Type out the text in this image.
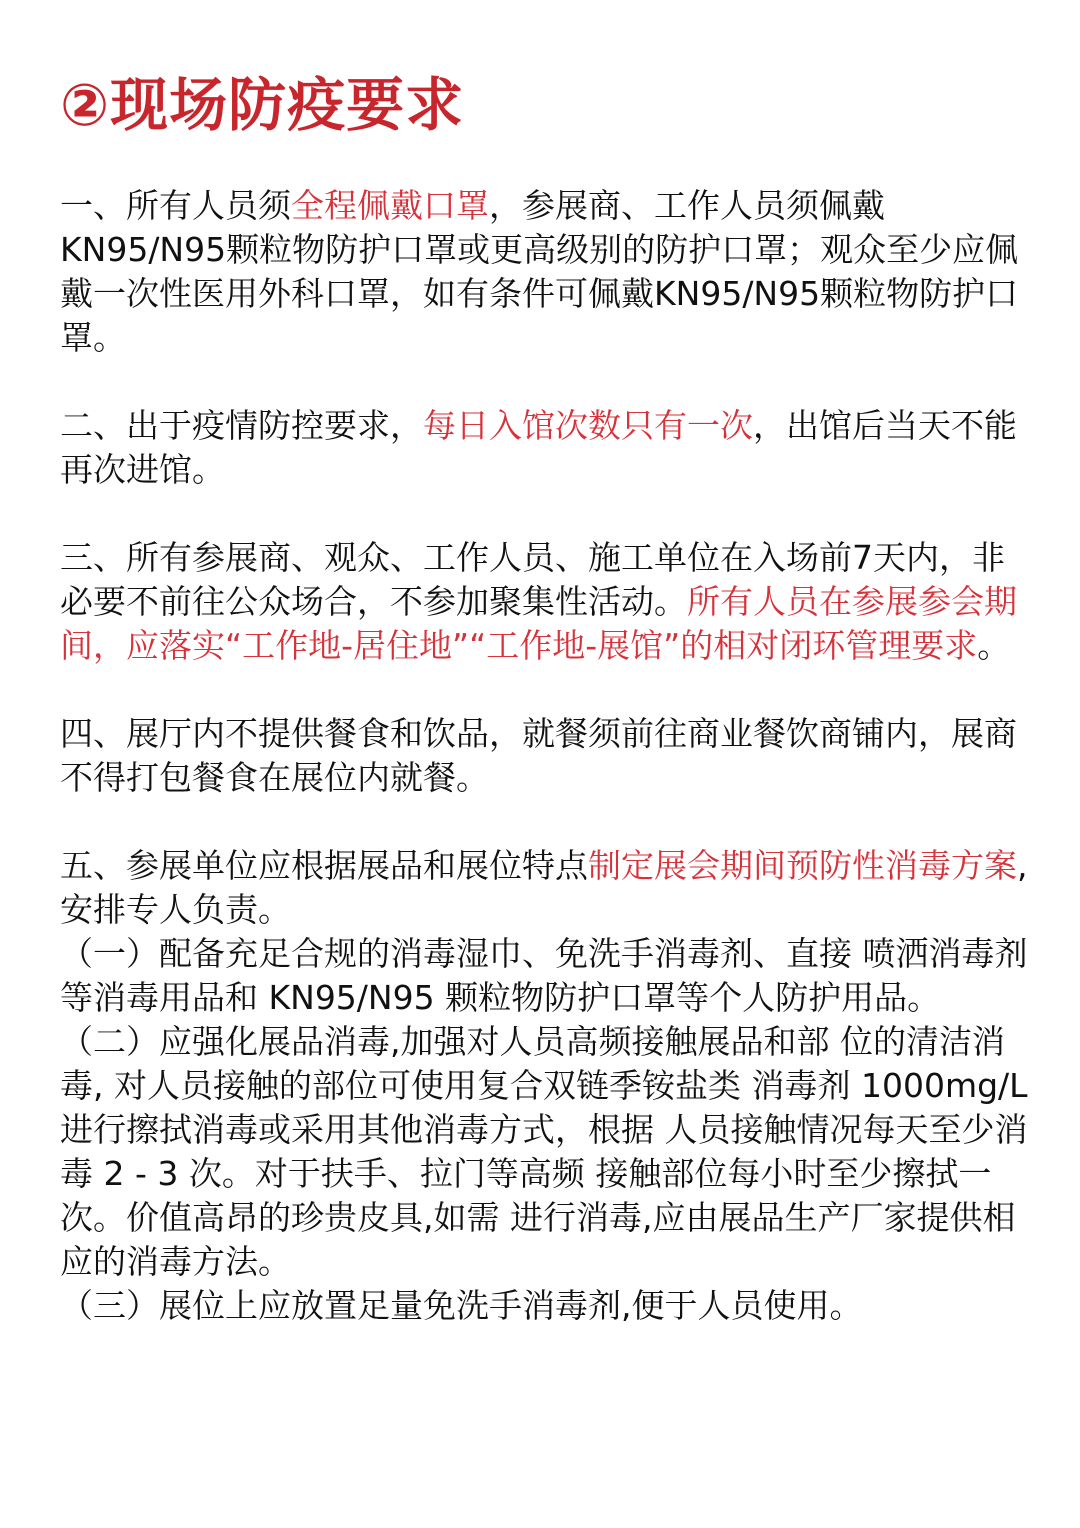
②现场防疫要求

一、所有人员须全程佩戴口罩，参展商、工作人员须佩戴KN95/N95颗粒物防护口罩或更高级别的防护口罩；观众至少应佩戴一次性医用外科口罩，如有条件可佩戴KN95/N95颗粒物防护口罩。

二、出于疫情防控要求，每日入馆次数只有一次，出馆后当天不能再次进馆。

三、所有参展商、观众、工作人员、施工单位在入场前7天内，非必要不前往公众场合，不参加聚集性活动。所有人员在参展参会期间，应落实“工作地-居住地”“工作地-展馆”的相对闭环管理要求。

四、展厅内不提供餐食和饮品，就餐须前往商业餐饮商铺内，展商不得打包餐食在展位内就餐。

五、参展单位应根据展品和展位特点制定展会期间预防性消毒方案,安排专人负责。

（一）配备充足合规的消毒湿巾、免洗手消毒剂、直接 喷洒消毒剂等消毒用品和 KN95/N95 颗粒物防护口罩等个人防护用品。

（二）应强化展品消毒,加强对人员高频接触展品和部 位的清洁消毒, 对人员接触的部位可使用复合双链季铵盐类 消毒剂 1000mg/L 进行擦拭消毒或采用其他消毒方式，根据 人员接触情况每天至少消毒 2 - 3 次。对于扶手、拉门等高频 接触部位每小时至少擦拭一次。价值高昂的珍贵皮具,如需 进行消毒,应由展品生产厂家提供相应的消毒方法。

（三）展位上应放置足量免洗手消毒剂,便于人员使用。
